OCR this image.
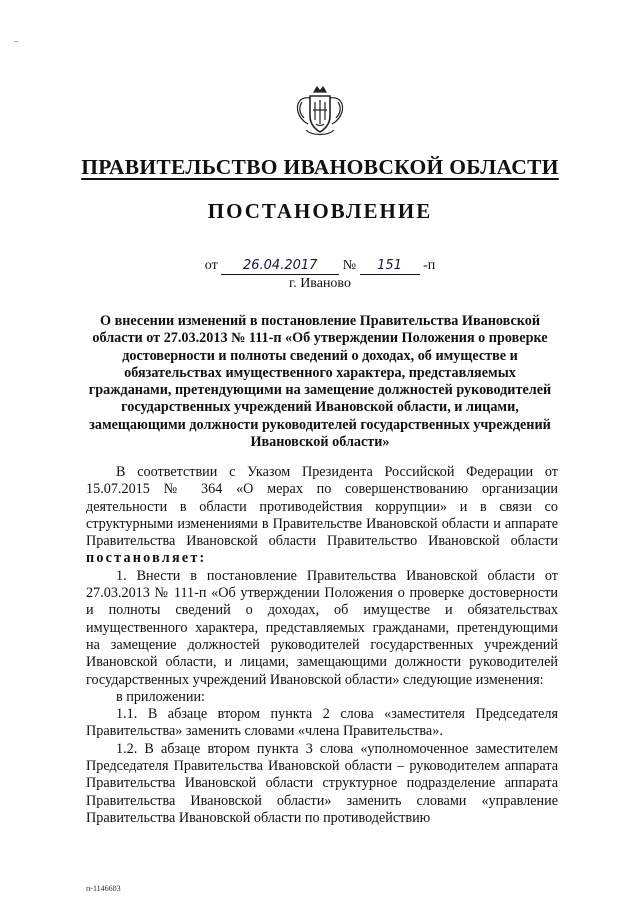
–
ПРАВИТЕЛЬСТВО ИВАНОВСКОЙ ОБЛАСТИ
ПОСТАНОВЛЕНИЕ
от 26.04.2017 № 151 -п
г. Иваново
О внесении изменений в постановление Правительства Ивановской области от 27.03.2013 № 111-п «Об утверждении Положения о проверке достоверности и полноты сведений о доходах, об имуществе и обязательствах имущественного характера, представляемых гражданами, претендующими на замещение должностей руководителей государственных учреждений Ивановской области, и лицами, замещающими должности руководителей государственных учреждений Ивановской области»

В соответствии с Указом Президента Российской Федерации от 15.07.2015 № 364 «О мерах по совершенствованию организации деятельности в области противодействия коррупции» и в связи со структурными изменениями в Правительстве Ивановской области и аппарате Правительства Ивановской области Правительство Ивановской области постановляет:

1. Внести в постановление Правительства Ивановской области от 27.03.2013 № 111-п «Об утверждении Положения о проверке достоверности и полноты сведений о доходах, об имуществе и обязательствах имущественного характера, представляемых гражданами, претендующими на замещение должностей руководителей государственных учреждений Ивановской области, и лицами, замещающими должности руководителей государственных учреждений Ивановской области» следующие изменения:

в приложении:

1.1. В абзаце втором пункта 2 слова «заместителя Председателя Правительства» заменить словами «члена Правительства».

1.2. В абзаце втором пункта 3 слова «уполномоченное заместителем Председателя Правительства Ивановской области – руководителем аппарата Правительства Ивановской области структурное подразделение аппарата Правительства Ивановской области» заменить словами «управление Правительства Ивановской области по противодействию

п-1146683
